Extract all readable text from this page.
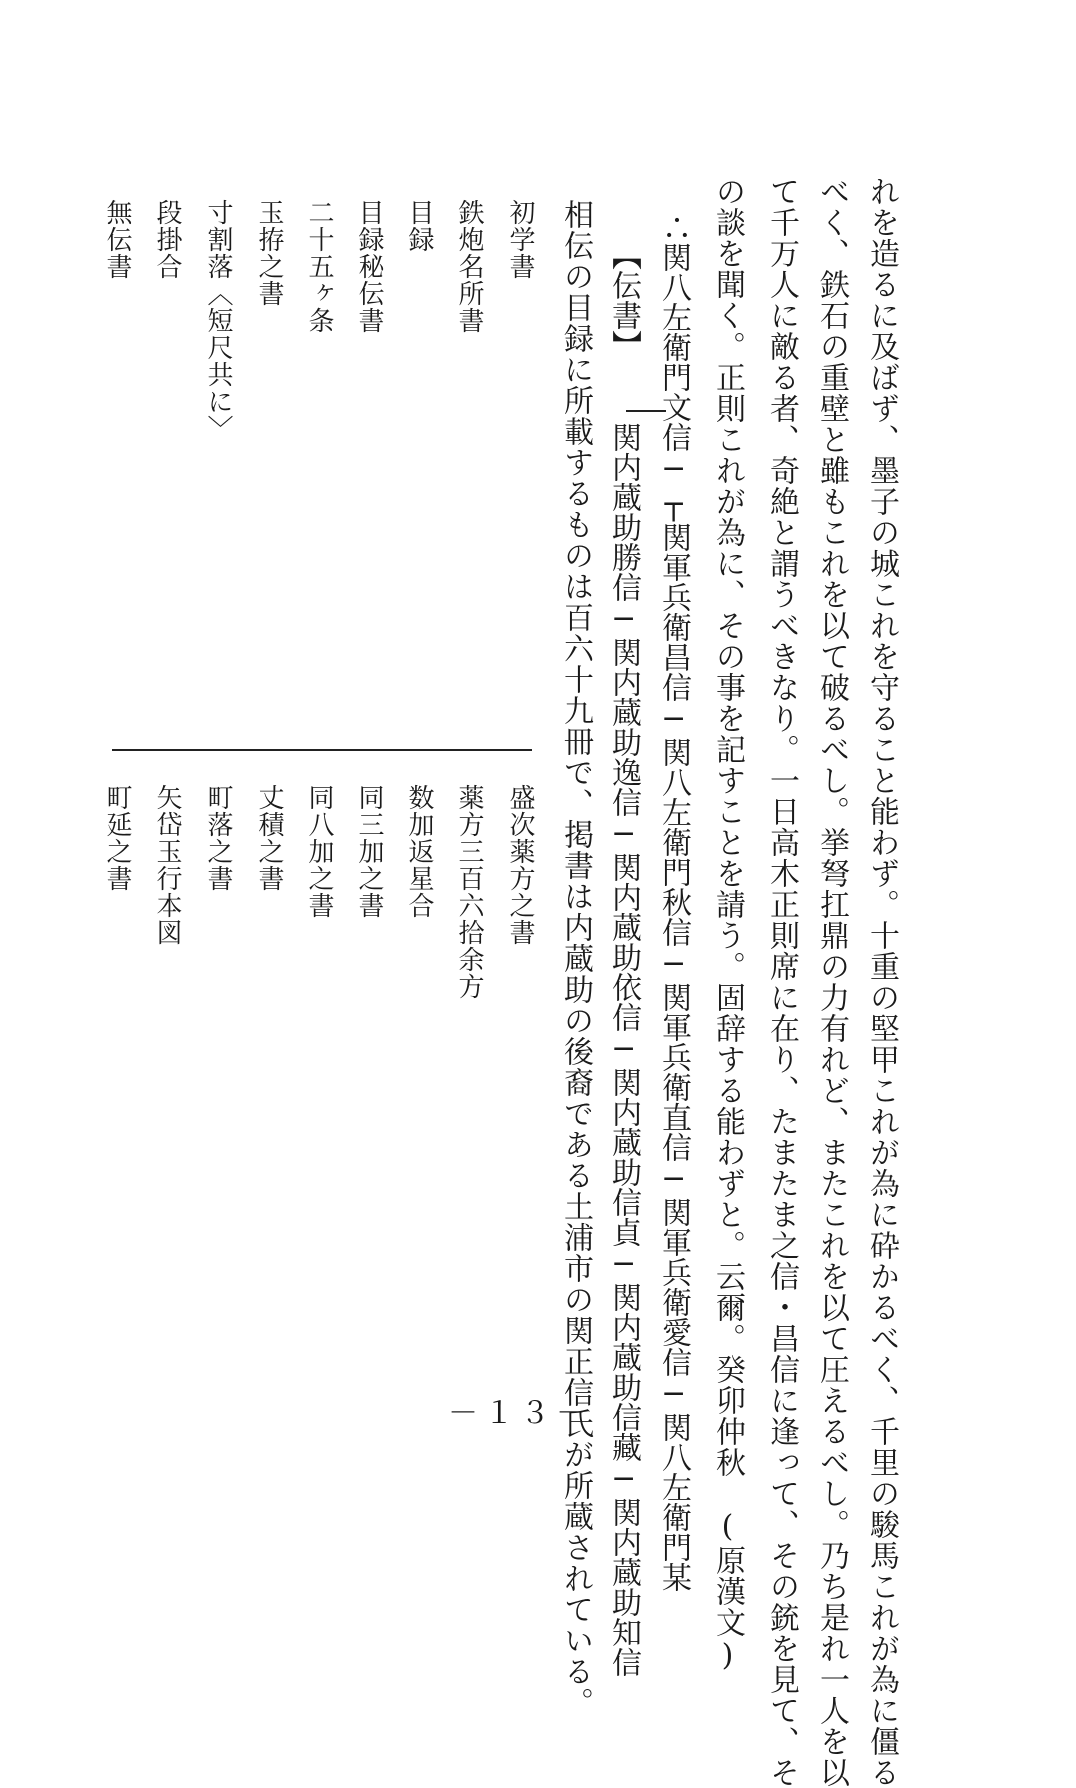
れを造るに及ばず、墨子の城これを守ること能わず。十重の堅甲これが為に砕かるべく、千里の駿馬これが為に僵る
べく、鉄石の重壁と雖もこれを以て破るべし。挙弩扛鼎の力有れど、またこれを以て圧えるべし。乃ち是れ一人を以
て千万人に敵る者、奇絶と謂うべきなり。一日高木正則席に在り、たまたま之信・昌信に逢って、その銃を見て、そ
の談を聞く。正則これが為に、その事を記すことを請う。固辞する能わずと。云爾。癸卯仲秋　(原漢文)
∴関八左衛門文信─┬関軍兵衛昌信─関八左衛門秋信─関軍兵衛直信─関軍兵衛愛信─関八左衛門某
【伝書】
関内蔵助勝信─関内蔵助逸信─関内蔵助依信─関内蔵助信貞─関内蔵助信藏─関内蔵助知信
相伝の目録に所載するものは百六十九冊で、掲書は内蔵助の後裔である土浦市の関正信氏が所蔵されている。
初学書
鉄炮名所書
目録
目録秘伝書
二十五ヶ条
玉拵之書
寸割落〈短尺共に〉
段掛合
無伝書
盛次薬方之書
薬方三百六拾余方
数加返星合
同三加之書
同八加之書
丈積之書
町落之書
矢岱玉行本図
町延之書
－１３－
